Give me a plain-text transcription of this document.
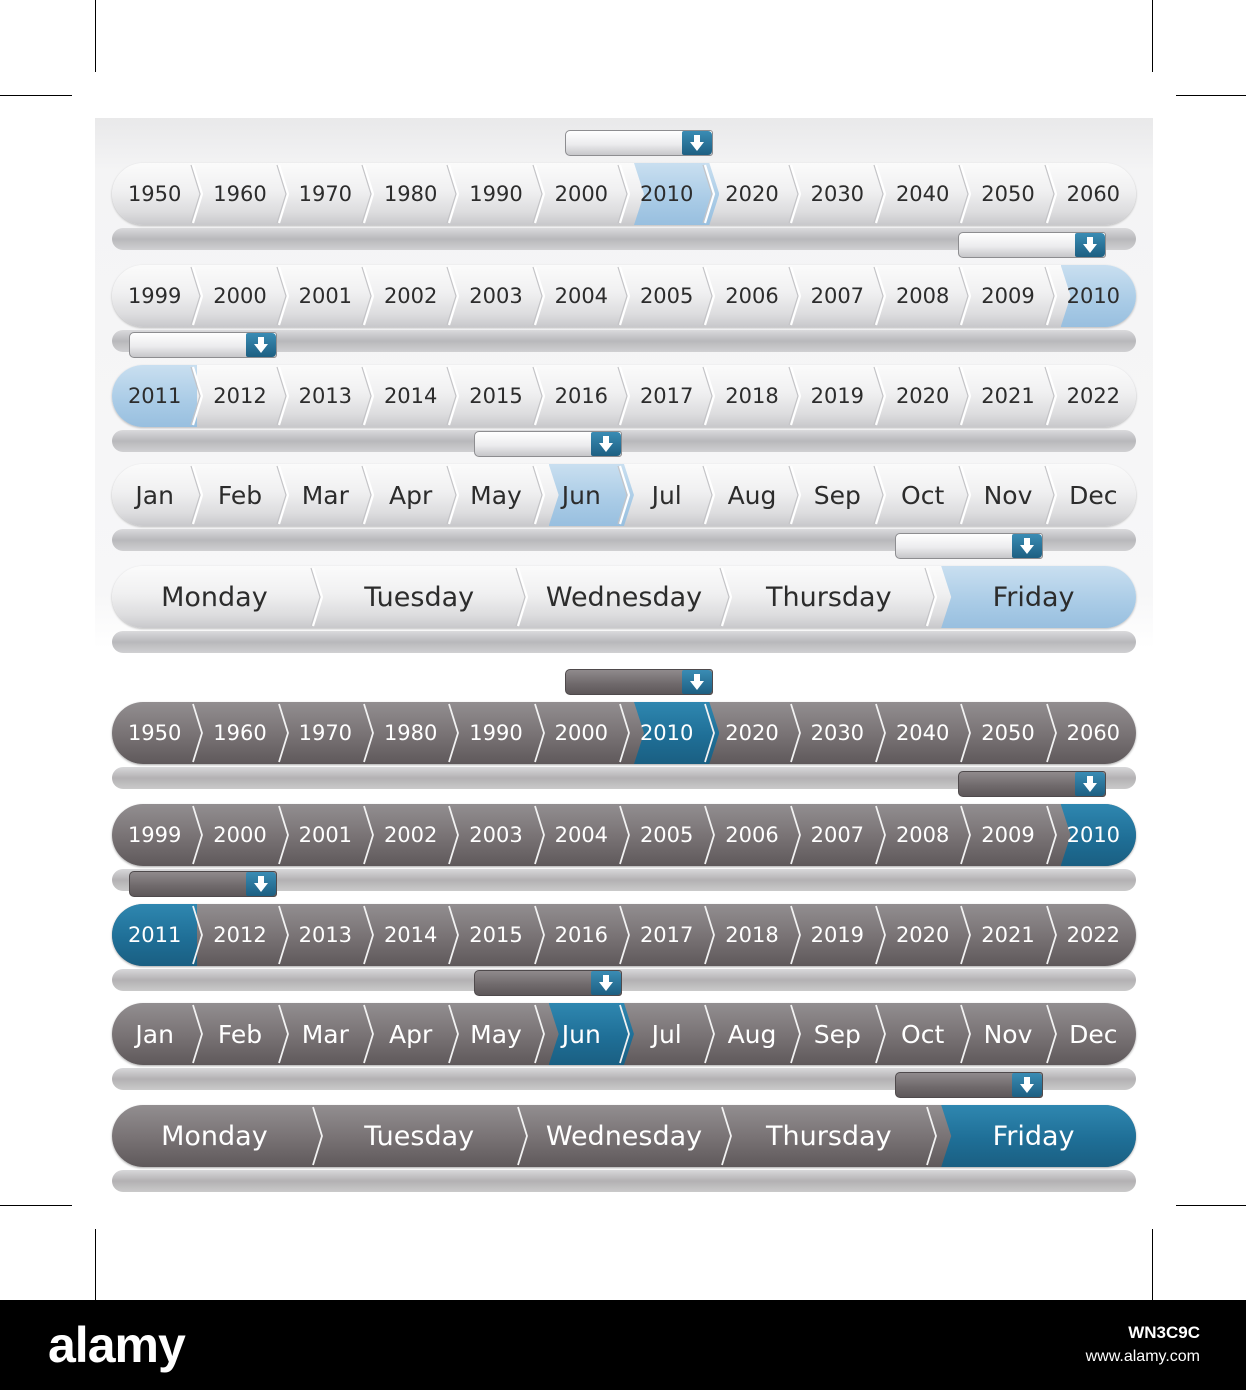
1950	1960	1970	1980	1990	2000	2010	2020	2030	2040	2050	2060
1999	2000	2001	2002	2003	2004	2005	2006	2007	2008	2009	2010
2011	2012	2013	2014	2015	2016	2017	2018	2019	2020	2021	2022
Jan	Feb	Mar	Apr	May	Jun	Jul	Aug	Sep	Oct	Nov	Dec
Monday	Tuesday	Wednesday	Thursday	Friday
1950	1960	1970	1980	1990	2000	2010	2020	2030	2040	2050	2060
1999	2000	2001	2002	2003	2004	2005	2006	2007	2008	2009	2010
2011	2012	2013	2014	2015	2016	2017	2018	2019	2020	2021	2022
Jan	Feb	Mar	Apr	May	Jun	Jul	Aug	Sep	Oct	Nov	Dec
Monday	Tuesday	Wednesday	Thursday	Friday
alamy	WN3C9C
www.alamy.com
